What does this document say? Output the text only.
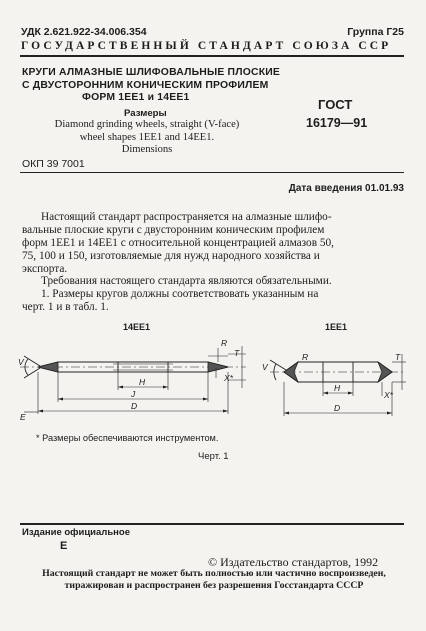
УДК 2.621.922-34.006.354	Группа Г25
ГОСУДАРСТВЕННЫЙ СТАНДАРТ СОЮЗА ССР
КРУГИ АЛМАЗНЫЕ ШЛИФОВАЛЬНЫЕ ПЛОСКИЕ
С ДВУСТОРОННИМ КОНИЧЕСКИМ ПРОФИЛЕМ
ФОРМ 1EE1 и 14EE1
Размеры
Diamond grinding wheels, straight (V-face)
wheel shapes 1EE1 and 14EE1.
Dimensions
ГОСТ
16179—91
ОКП 39 7001
Дата введения 01.01.93
Настоящий стандарт распространяется на алмазные шлифо-
вальные плоские круги с двусторонним коническим профилем
форм 1EE1 и 14EE1 с относительной концентрацией алмазов 50,
75, 100 и 150, изготовляемые для нужд народного хозяйства и
экспорта.
Требования настоящего стандарта являются обязательными.
1. Размеры кругов должны соответствовать указанным на
черт. 1 и в табл. 1.
14EE1	1EE1
V
H
J
D
X*
T
E
R
V
H
D
X*
T
R
* Размеры обеспечиваются инструментом.
Черт. 1
Издание официальное
Е
© Издательство стандартов, 1992
Настоящий стандарт не может быть полностью или частично воспроизведен,
тиражирован и распространен без разрешения Госстандарта СССР
